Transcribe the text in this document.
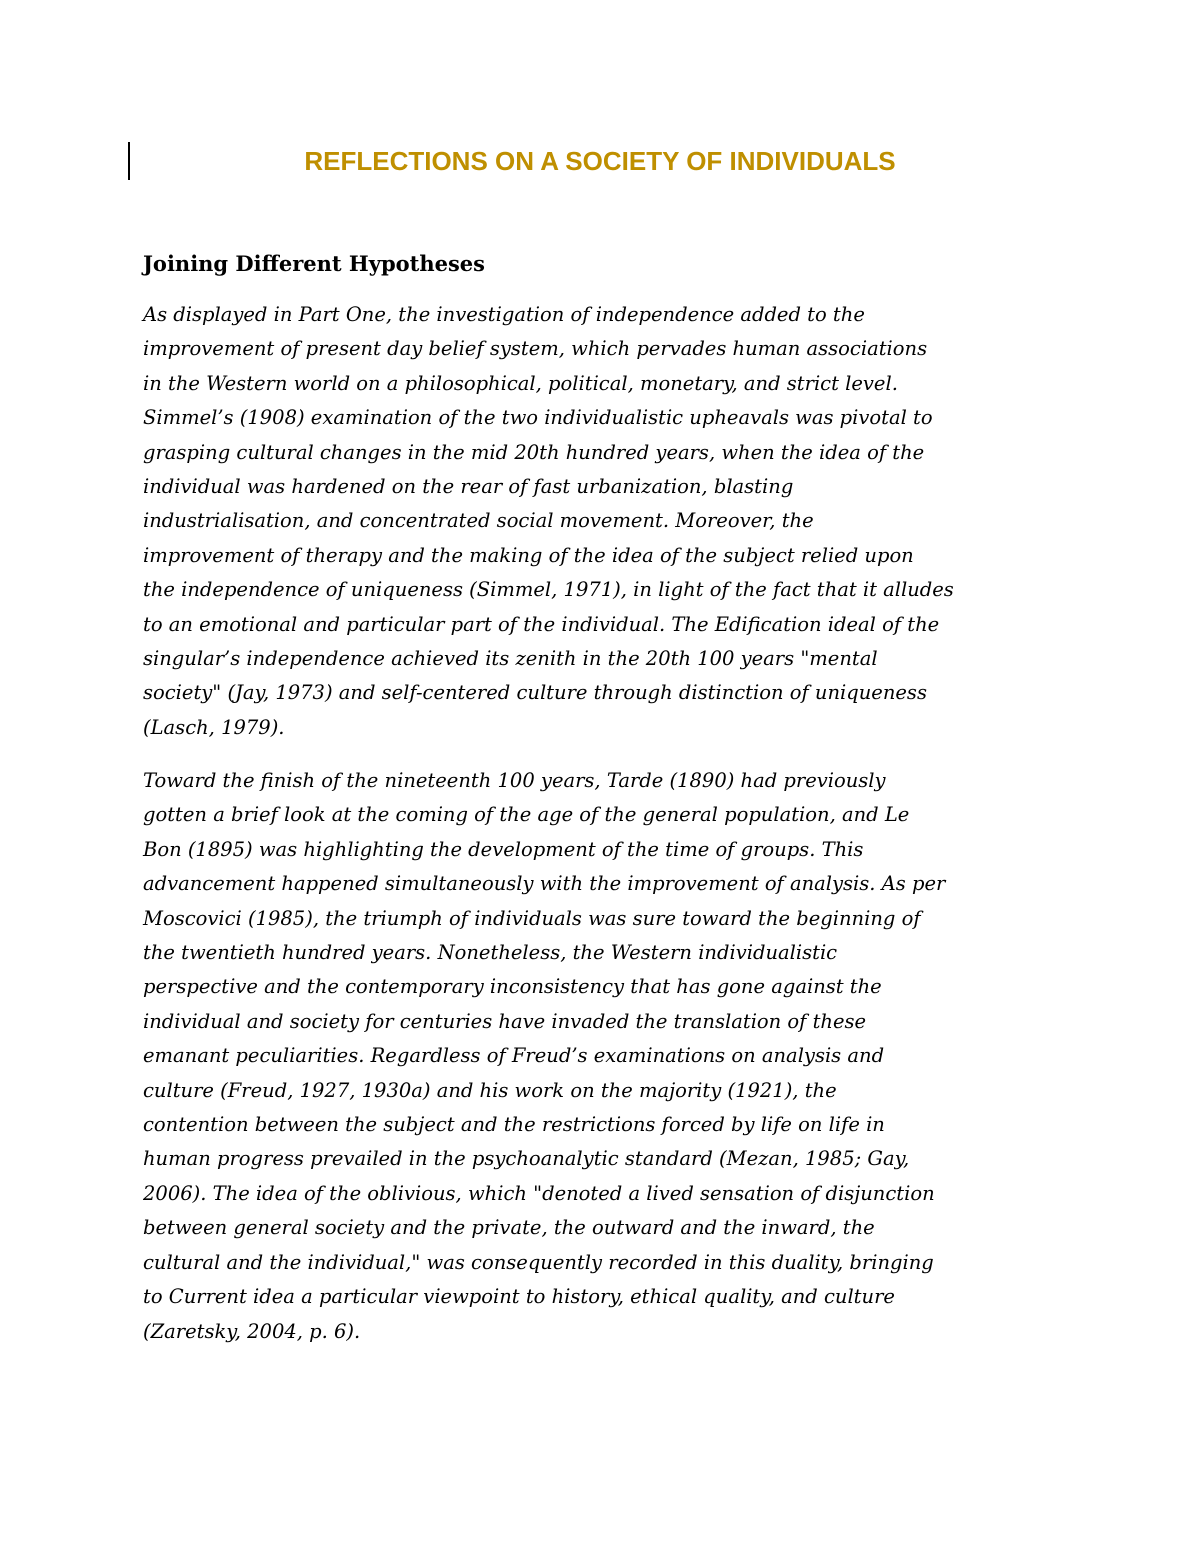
REFLECTIONS ON A SOCIETY OF INDIVIDUALS
Joining Different Hypotheses
As displayed in Part One, the investigation of independence added to the
improvement of present day belief system, which pervades human associations
in the Western world on a philosophical, political, monetary, and strict level.
Simmel’s (1908) examination of the two individualistic upheavals was pivotal to
grasping cultural changes in the mid 20th hundred years, when the idea of the
individual was hardened on the rear of fast urbanization, blasting
industrialisation, and concentrated social movement. Moreover, the
improvement of therapy and the making of the idea of the subject relied upon
the independence of uniqueness (Simmel, 1971), in light of the fact that it alludes
to an emotional and particular part of the individual. The Edification ideal of the
singular’s independence achieved its zenith in the 20th 100 years "mental
society" (Jay, 1973) and self-centered culture through distinction of uniqueness
(Lasch, 1979).
Toward the finish of the nineteenth 100 years, Tarde (1890) had previously
gotten a brief look at the coming of the age of the general population, and Le
Bon (1895) was highlighting the development of the time of groups. This
advancement happened simultaneously with the improvement of analysis. As per
Moscovici (1985), the triumph of individuals was sure toward the beginning of
the twentieth hundred years. Nonetheless, the Western individualistic
perspective and the contemporary inconsistency that has gone against the
individual and society for centuries have invaded the translation of these
emanant peculiarities. Regardless of Freud’s examinations on analysis and
culture (Freud, 1927, 1930a) and his work on the majority (1921), the
contention between the subject and the restrictions forced by life on life in
human progress prevailed in the psychoanalytic standard (Mezan, 1985; Gay,
2006). The idea of the oblivious, which "denoted a lived sensation of disjunction
between general society and the private, the outward and the inward, the
cultural and the individual," was consequently recorded in this duality, bringing
to Current idea a particular viewpoint to history, ethical quality, and culture
(Zaretsky, 2004, p. 6).
